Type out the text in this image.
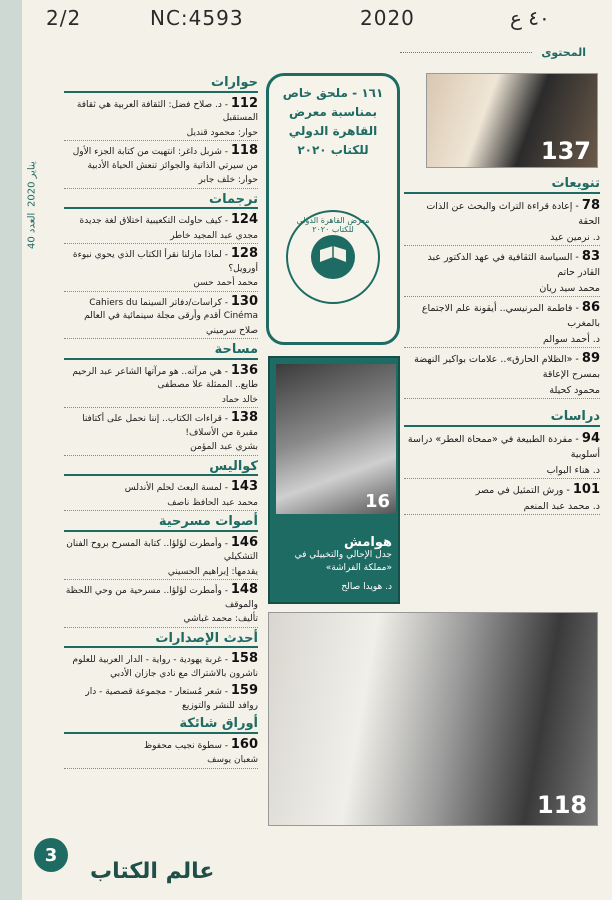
العدد 40
يناير 2020
2/2	NC:4593	2020	٤٠ ع
المحتوى
137
١٦١ - ملحق خاص
بمناسبة معرض
القاهرة الدولي
للكتاب ٢٠٢٠
معرض القاهرة الدولي للكتاب ٢٠٢٠
16
هوامش
جدل الإحالي والتخييلي في «مملكة الفراشة»
د. هويدا صالح
118
تنويعات
78 - إعادة قراءة التراث والبحث عن الذات الحقة
د. نرمين عيد
83 - السياسة الثقافية في عهد الدكتور عبد القادر حاتم
محمد سيد ريان
86 - فاطمة المرنيسي.. أيقونة علم الاجتماع بالمغرب
د. أحمد سوالم
89 - «الظلام الحارق».. علامات بواكير النهضة بمسرح الإعاقة
محمود كحيلة
دراسات
94 - مفردة الطبيعة في «ممحاة العطر» دراسة أسلوبية
د. هناء البواب
101 - ورش التمثيل في مصر
د. محمد عبد المنعم
حوارات
112 - د. صلاح فضل: الثقافة العربية هي ثقافة المستقبل
حوار: محمود قنديل
118 - شربل داغر: انتهيت من كتابة الجزء الأول من سيرتي الذاتية والجوائز تنعش الحياة الأدبية
حوار: خلف جابر
ترجمات
124 - كيف حاولت التكعيبية اختلاق لغة جديدة
مجدي عبد المجيد خاطر
128 - لماذا مازلنا نقرأ الكتاب الذي يحوي نبوءة أورويل؟
محمد أحمد حسن
130 - كراسات/دفاتر السينما Cahiers du Cinéma أقدم وأرقى مجلة سينمائية في العالم
صلاح سرميني
مساحة
136 - هي مرآته.. هو مرآتها الشاعر عبد الرحيم طايع.. الممثلة علا مصطفى
خالد حماد
138 - قراءات الكتاب.. إننا نحمل على أكتافنا مقبرة من الأسلاف!
بشري عبد المؤمن
كواليس
143 - لمسة البعث لحلم الأندلس
محمد عبد الحافظ ناصف
أصوات مسرحية
146 - وأمطرت لؤلؤا.. كتابة المسرح بروح الفنان التشكيلي
يقدمها: إبراهيم الحسيني
148 - وأمطرت لؤلؤا.. مسرحية من وحي اللحظة والموقف
تأليف: محمد غباشي
أحدث الإصدارات
158 - غربة يهودية - رواية - الدار العربية للعلوم ناشرون بالاشتراك مع نادي جازان الأدبي
159 - شعر مُستعار - مجموعة قصصية - دار روافد للنشر والتوزيع
أوراق شائكة
160 - سطوة نجيب محفوظ
شعبان يوسف
3
عالم الكتاب
